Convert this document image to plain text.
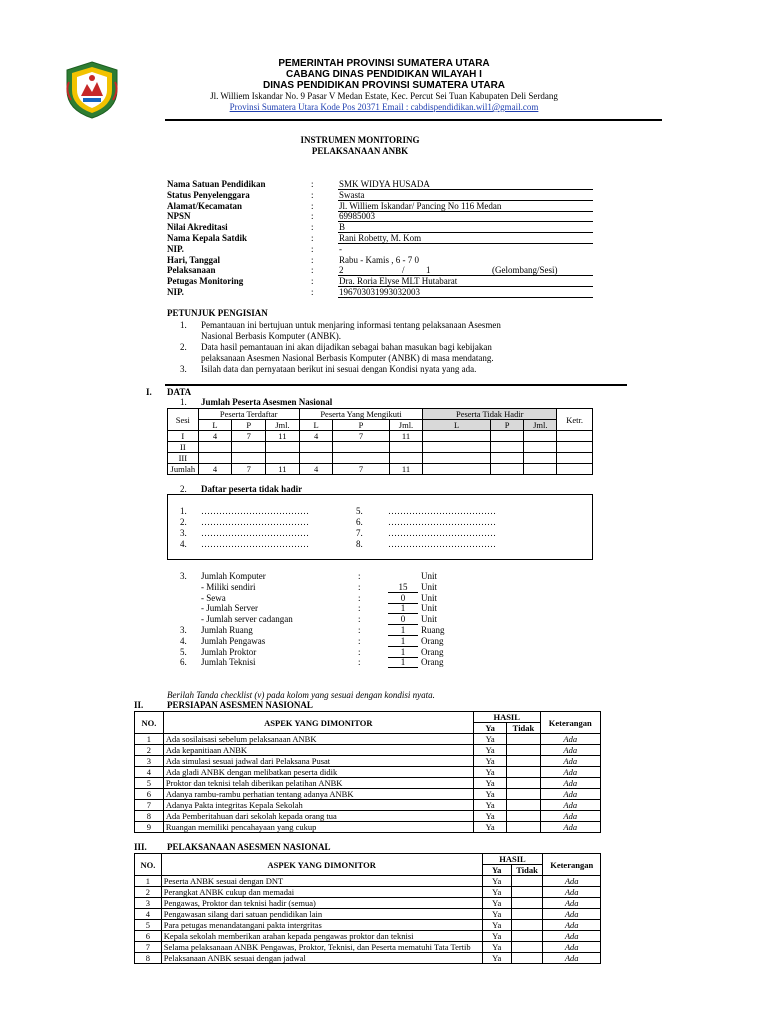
PEMERINTAH PROVINSI SUMATERA UTARA
CABANG DINAS PENDIDIKAN WILAYAH I
DINAS PENDIDIKAN PROVINSI SUMATERA UTARA
Jl. Williem Iskandar No. 9 Pasar V Medan Estate, Kec. Percut Sei Tuan Kabupaten Deli Serdang
Provinsi Sumatera Utara Kode Pos 20371 Email : cabdispendidikan.wil1@gmail.com
INSTRUMEN MONITORING
PELAKSANAAN ANBK
Nama Satuan Pendidikan	:	SMK WIDYA HUSADA
Status Penyelenggara	:	Swasta
Alamat/Kecamatan	:	Jl. Williem Iskandar/ Pancing No 116 Medan
NPSN	:	69985003
Nilai Akreditasi	:	B
Nama Kepala Satdik	:	Rani Robetty, M. Kom
NIP.	:	-
Hari, Tanggal	:	Rabu - Kamis , 6 - 7 0
Pelaksanaan	:	2	/ 1	(Gelombang/Sesi)
Petugas Monitoring	:	Dra. Roria Elyse MLT Hutabarat
NIP.	:	196703031993032003
PETUNJUK PENGISIAN
1. Pemantauan ini bertujuan untuk menjaring informasi tentang pelaksanaan Asesmen
Nasional Berbasis Komputer (ANBK).
2. Data hasil pemantauan ini akan dijadikan sebagai bahan masukan bagi kebijakan
pelaksanaan Asesmen Nasional Berbasis Komputer (ANBK) di masa mendatang.
3. Isilah data dan pernyataan berikut ini sesuai dengan Kondisi nyata yang ada.
I. DATA
1. Jumlah Peserta Asesmen Nasional
Sesi	Peserta Terdaftar			Peserta Yang Mengikuti			Peserta Tidak Hadir			Ketr.
	L	P	Jml.	L	P	Jml.	L	P	Jml.	
I	4	7	11	4	7	11				
II										
III										
Jumlah	4	7	11	4	7	11				
2. Daftar peserta tidak hadir
1. ………………………………
2. ………………………………
3. ………………………………
4. ………………………………
5.	………………………………
6.	………………………………
7.	………………………………
8.	………………………………
3. Jumlah Komputer	:	Unit
- Miliki sendiri	:	15	Unit
- Sewa	:	0	Unit
- Jumlah Server	:	1	Unit
- Jumlah server cadangan	:	0	Unit
3. Jumlah Ruang	:	1	Ruang
4. Jumlah Pengawas	:	1	Orang
5. Jumlah Proktor	:	1	Orang
6. Jumlah Teknisi	:	1	Orang
Berilah Tanda checklist (v) pada kolom yang sesuai dengan kondisi nyata.
II.	PERSIAPAN ASESMEN NASIONAL
NO.	ASPEK YANG DIMONITOR	HASIL		Keterangan
		Ya	Tidak	
1	Ada sosilaisasi sebelum pelaksanaan ANBK	Ya		Ada
2	Ada kepanitiaan ANBK	Ya		Ada
3	Ada simulasi sesuai jadwal dari Pelaksana Pusat	Ya		Ada
4	Ada gladi ANBK dengan melibatkan peserta didik	Ya		Ada
5	Proktor dan teknisi telah diberikan pelatihan ANBK	Ya		Ada
6	Adanya rambu-rambu perhatian tentang adanya ANBK	Ya		Ada
7	Adanya Pakta integritas Kepala Sekolah	Ya		Ada
8	Ada Pemberitahuan dari sekolah kepada orang tua	Ya		Ada
9	Ruangan memiliki pencahayaan yang cukup	Ya		Ada
III. PELAKSANAAN ASESMEN NASIONAL
NO.	ASPEK YANG DIMONITOR	HASIL		Keterangan
		Ya	Tidak	
1	Peserta ANBK sesuai dengan DNT	Ya		Ada
2	Perangkat ANBK cukup dan memadai	Ya		Ada
3	Pengawas, Proktor dan teknisi hadir (semua)	Ya		Ada
4	Pengawasan silang dari satuan pendidikan lain	Ya		Ada
5	Para petugas menandatangani pakta intergritas	Ya		Ada
6	Kepala sekolah memberikan arahan kepada pengawas proktor dan teknisi	Ya		Ada
7	Selama pelaksanaan ANBK Pengawas, Proktor, Teknisi, dan Peserta mematuhi Tata Tertib	Ya		Ada
8	Pelaksanaan ANBK sesuai dengan jadwal	Ya		Ada
